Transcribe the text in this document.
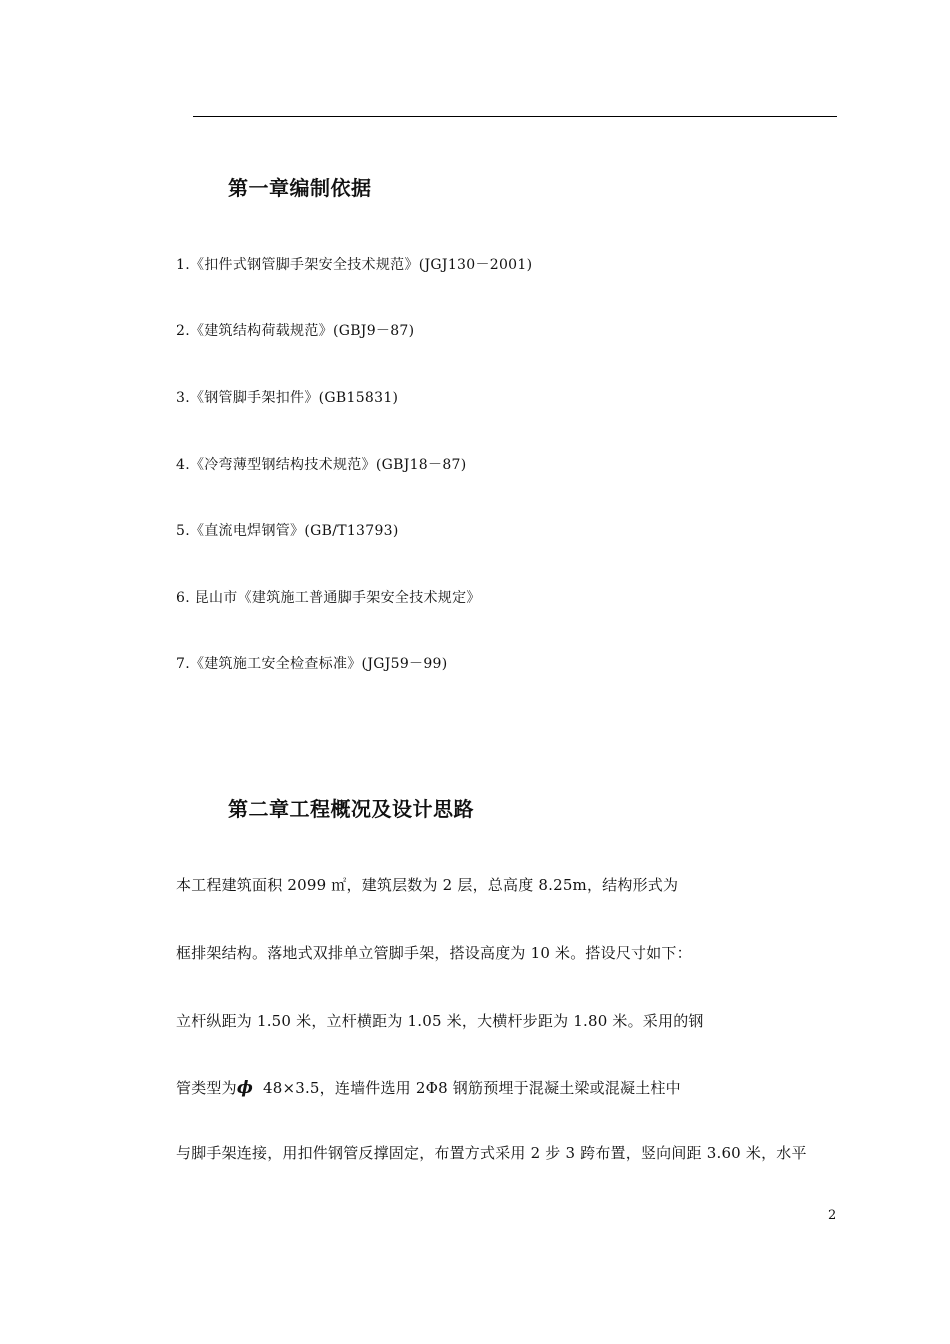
第一章编制依据
1.《扣件式钢管脚手架安全技术规范》(JGJ130－2001)
2.《建筑结构荷载规范》(GBJ9－87)
3.《钢管脚手架扣件》(GB15831)
4.《冷弯薄型钢结构技术规范》(GBJ18－87)
5.《直流电焊钢管》(GB/T13793)
6. 昆山市《建筑施工普通脚手架安全技术规定》
7.《建筑施工安全检查标准》(JGJ59－99)
第二章工程概况及设计思路
本工程建筑面积 2099 ㎡，建筑层数为 2 层，总高度 8.25m，结构形式为
框排架结构。落地式双排单立管脚手架，搭设高度为 10 米。搭设尺寸如下：
立杆纵距为 1.50 米，立杆横距为 1.05 米，大横杆步距为 1.80 米。采用的钢
管类型为ϕ 48×3.5，连墙件选用 2Φ8 钢筋预埋于混凝土梁或混凝土柱中
与脚手架连接，用扣件钢管反撑固定，布置方式采用 2 步 3 跨布置，竖向间距 3.60 米，水平
2
